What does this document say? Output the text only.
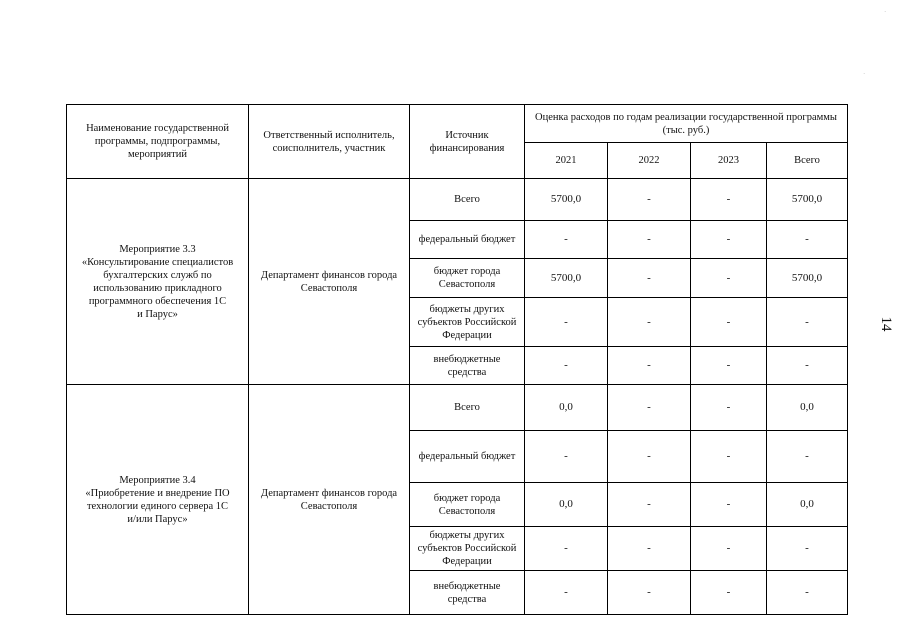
·
·
Наименование государственной программы, подпрограммы, мероприятий	Ответственный исполнитель, соисполнитель, участник	Источник финансирования	Оценка расходов по годам реализации государственной программы (тыс. руб.)			
			2021	2022	2023	Всего
Мероприятие 3.3
«Консультирование специалистов бухгалтерских служб по использованию прикладного программного обеспечения 1С
и Парус»	Департамент финансов города Севастополя	Всего	5700,0	-	-	5700,0
		федеральный бюджет	-	-	-	-
		бюджет города Севастополя	5700,0	-	-	5700,0
		бюджеты других субъектов Российской Федерации	-	-	-	-
		внебюджетные средства	-	-	-	-
Мероприятие 3.4
«Приобретение и внедрение ПО технологии единого сервера 1С
и/или Парус»	Департамент финансов города Севастополя	Всего	0,0	-	-	0,0
		федеральный бюджет	-	-	-	-
		бюджет города Севастополя	0,0	-	-	0,0
		бюджеты других субъектов Российской Федерации	-	-	-	-
		внебюджетные средства	-	-	-	-
14
